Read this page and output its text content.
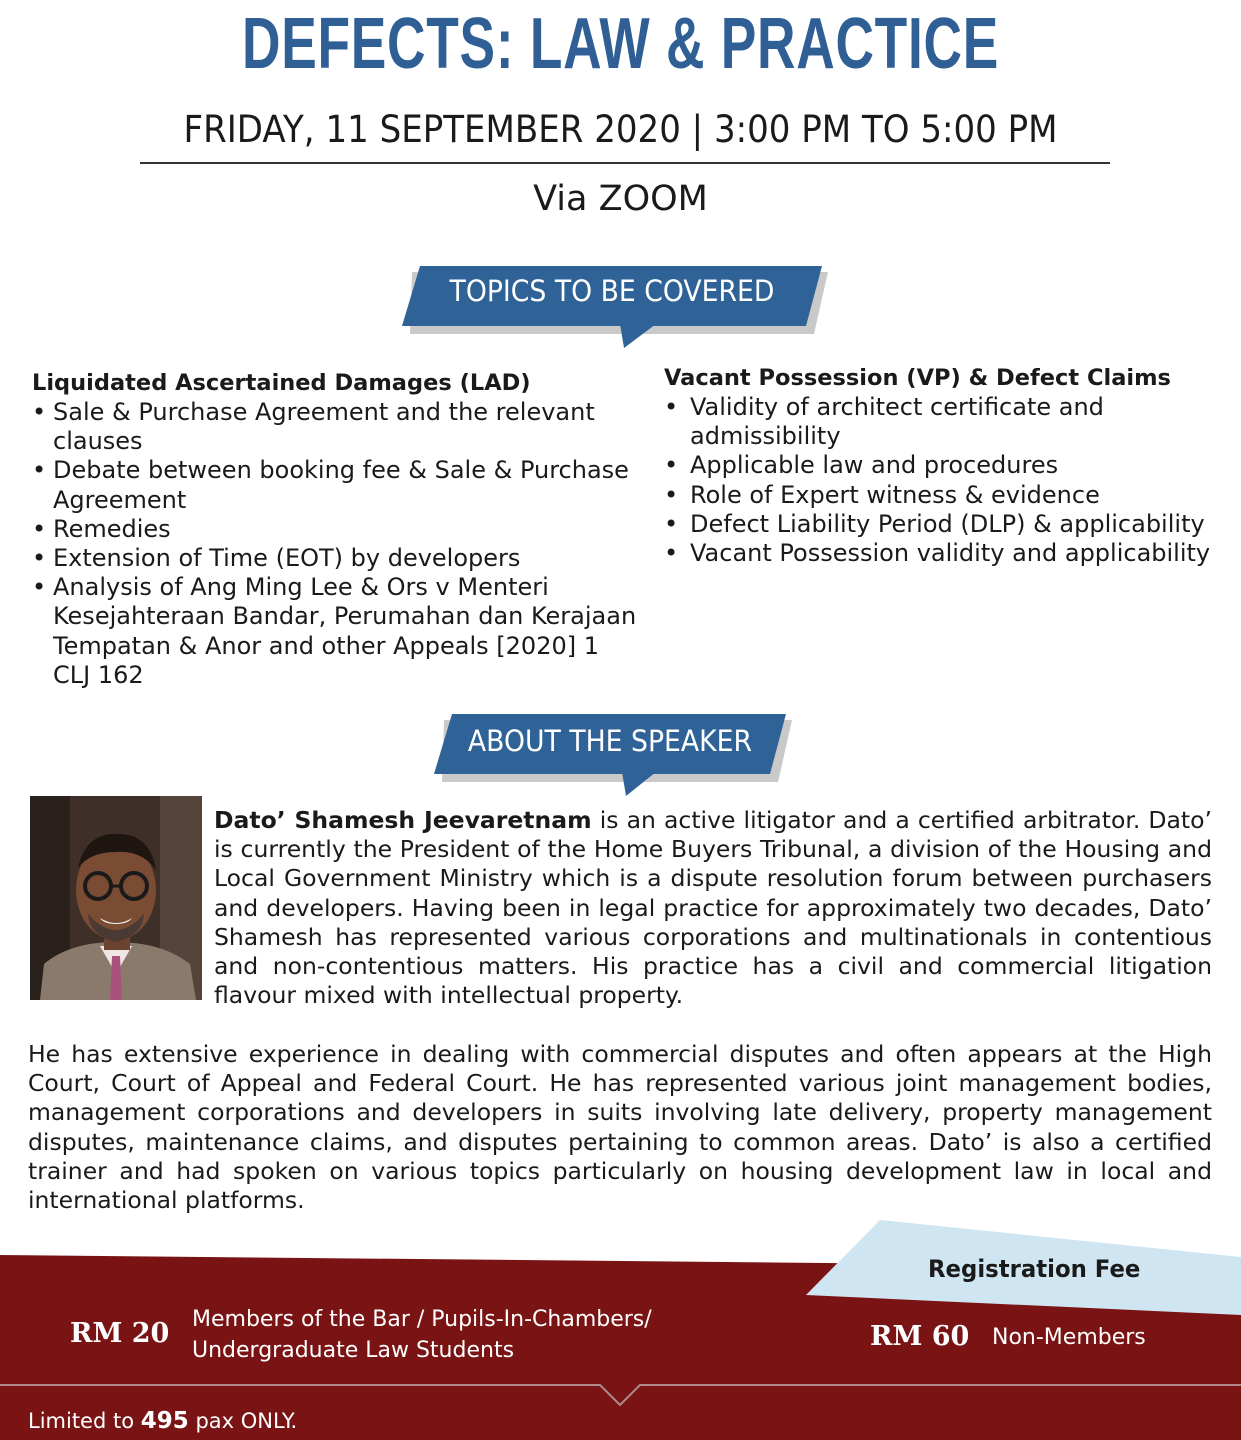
DEFECTS: LAW & PRACTICE
FRIDAY, 11 SEPTEMBER 2020 | 3:00 PM TO 5:00 PM
Via ZOOM
TOPICS TO BE COVERED
Liquidated Ascertained Damages (LAD)
• Sale & Purchase Agreement and the relevant clauses
• Debate between booking fee & Sale & Purchase Agreement
• Remedies
• Extension of Time (EOT) by developers
• Analysis of Ang Ming Lee & Ors v Menteri Kesejahteraan Bandar, Perumahan dan Kerajaan Tempatan & Anor and other Appeals [2020] 1 CLJ 162
Vacant Possession (VP) & Defect Claims
• Validity of architect certificate and admissibility
• Applicable law and procedures
• Role of Expert witness & evidence
• Defect Liability Period (DLP) & applicability
• Vacant Possession validity and applicability
ABOUT THE SPEAKER
Dato’ Shamesh Jeevaretnam is an active litigator and a certified arbitrator. Dato’ is currently the President of the Home Buyers Tribunal, a division of the Housing and Local Government Ministry which is a dispute resolution forum between purchasers and developers. Having been in legal practice for approximately two decades, Dato’ Shamesh has represented various corporations and multinationals in contentious and non-contentious matters. His practice has a civil and commercial litigation flavour mixed with intellectual property.
He has extensive experience in dealing with commercial disputes and often appears at the High Court, Court of Appeal and Federal Court. He has represented various joint management bodies, management corporations and developers in suits involving late delivery, property management disputes, maintenance claims, and disputes pertaining to common areas. Dato’ is also a certified trainer and had spoken on various topics particularly on housing development law in local and international platforms.
Registration Fee
RM 20 Members of the Bar / Pupils-In-Chambers/
Undergraduate Law Students	RM 60 Non-Members
Limited to 495 pax ONLY.
